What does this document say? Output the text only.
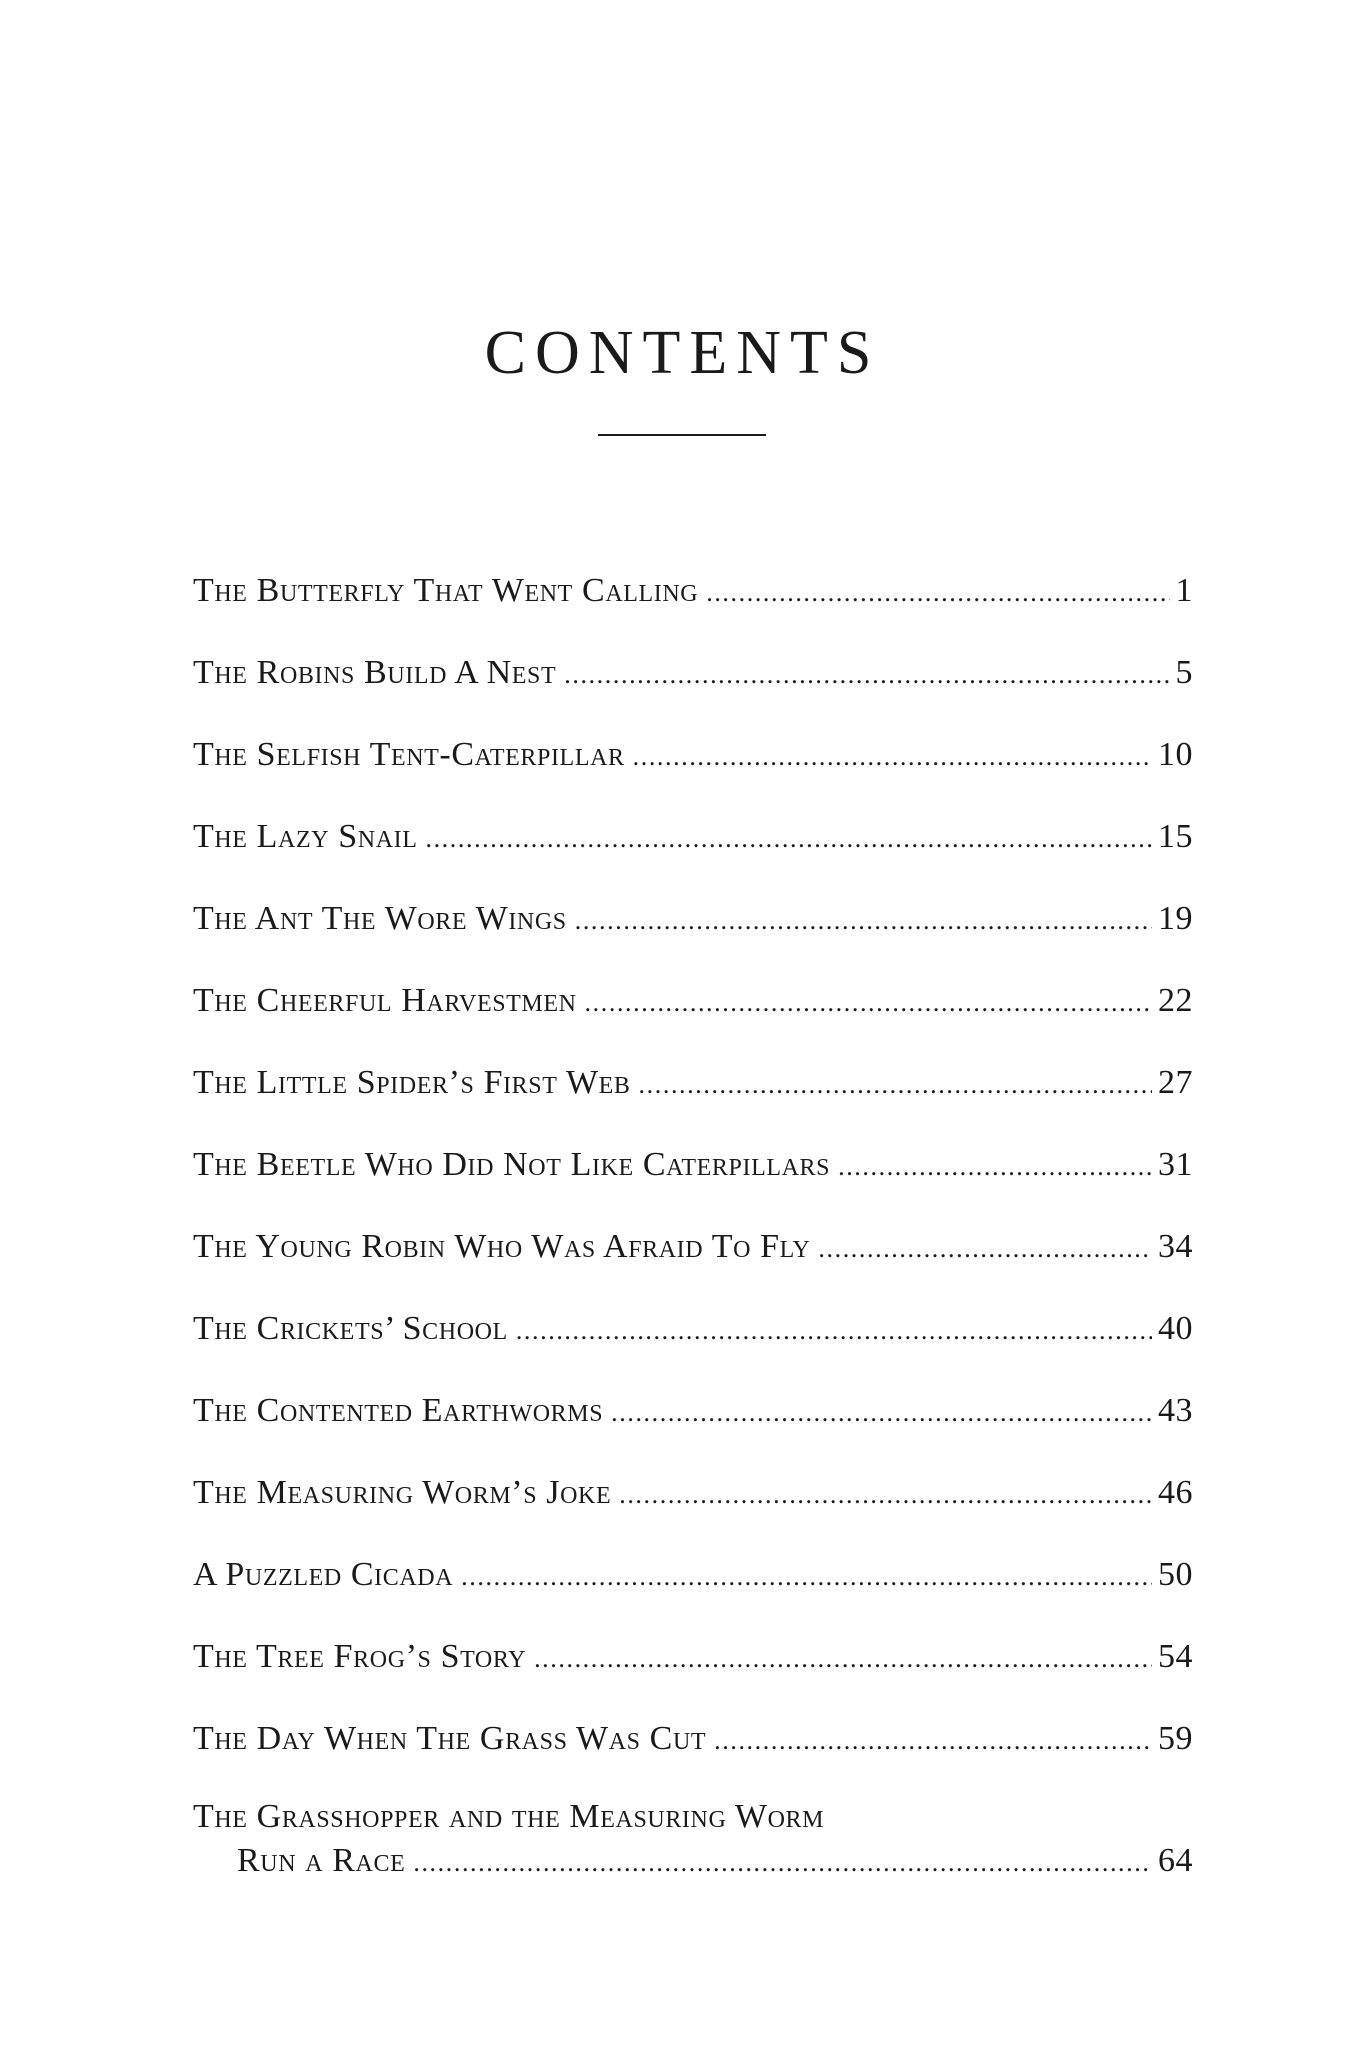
CONTENTS
The Butterfly That Went Calling .....	1
The Robins Build A Nest .....	5
The Selfish Tent-Caterpillar .....	10
The Lazy Snail .....	15
The Ant The Wore Wings .....	19
The Cheerful Harvestmen .....	22
The Little Spider’s First Web .....	27
The Beetle Who Did Not Like Caterpillars .....	31
The Young Robin Who Was Afraid To Fly .....	34
The Crickets’ School .....	40
The Contented Earthworms .....	43
The Measuring Worm’s Joke .....	46
A Puzzled Cicada .....	50
The Tree Frog’s Story .....	54
The Day When The Grass Was Cut .....	59
The Grasshopper and the Measuring Worm
Run a Race .....	64
